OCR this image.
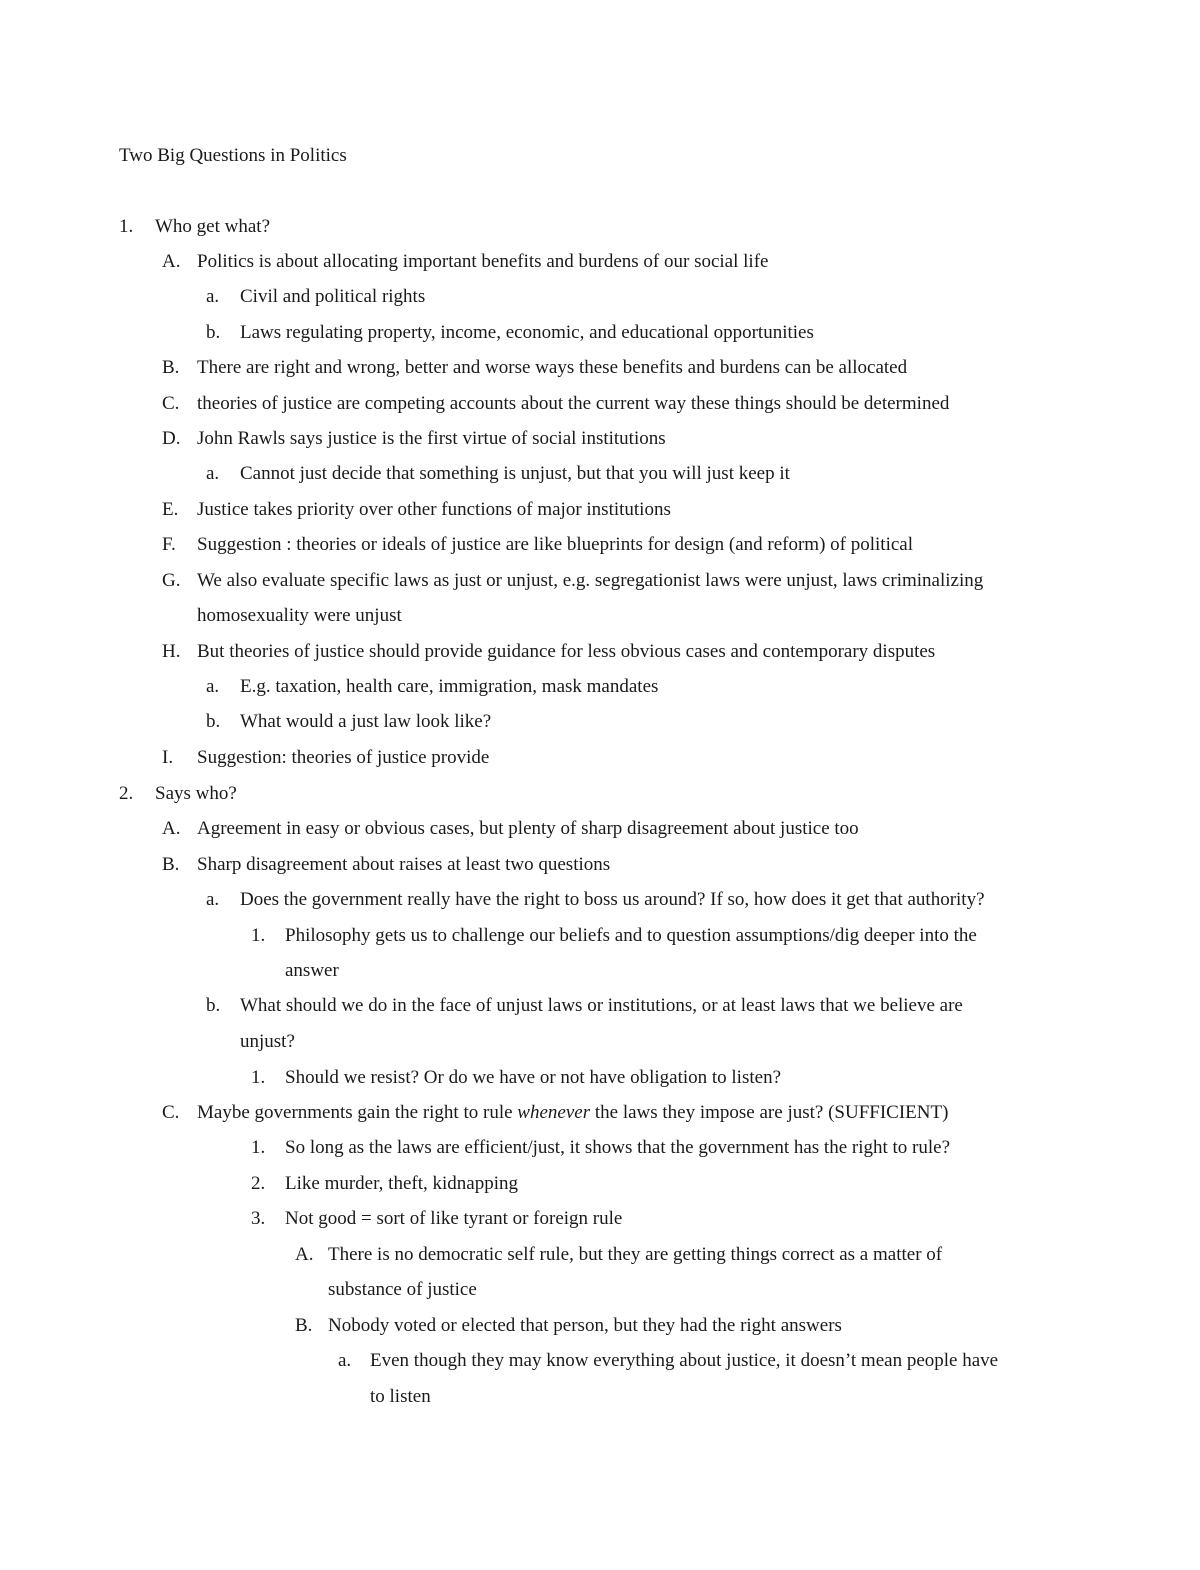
Two Big Questions in Politics
1. Who get what?
A. Politics is about allocating important benefits and burdens of our social life
a. Civil and political rights
b. Laws regulating property, income, economic, and educational opportunities
B. There are right and wrong, better and worse ways these benefits and burdens can be allocated
C. theories of justice are competing accounts about the current way these things should be determined
D. John Rawls says justice is the first virtue of social institutions
a. Cannot just decide that something is unjust, but that you will just keep it
E. Justice takes priority over other functions of major institutions
F. Suggestion : theories or ideals of justice are like blueprints for design (and reform) of political
G. We also evaluate specific laws as just or unjust, e.g. segregationist laws were unjust, laws criminalizing
homosexuality were unjust
H. But theories of justice should provide guidance for less obvious cases and contemporary disputes
a. E.g. taxation, health care, immigration, mask mandates
b. What would a just law look like?
I. Suggestion: theories of justice provide
2. Says who?
A. Agreement in easy or obvious cases, but plenty of sharp disagreement about justice too
B. Sharp disagreement about raises at least two questions
a. Does the government really have the right to boss us around? If so, how does it get that authority?
1. Philosophy gets us to challenge our beliefs and to question assumptions/dig deeper into the
answer
b. What should we do in the face of unjust laws or institutions, or at least laws that we believe are
unjust?
1. Should we resist? Or do we have or not have obligation to listen?
C. Maybe governments gain the right to rule whenever the laws they impose are just? (SUFFICIENT)
1. So long as the laws are efficient/just, it shows that the government has the right to rule?
2. Like murder, theft, kidnapping
3. Not good = sort of like tyrant or foreign rule
A. There is no democratic self rule, but they are getting things correct as a matter of
substance of justice
B. Nobody voted or elected that person, but they had the right answers
a. Even though they may know everything about justice, it doesn’t mean people have
to listen
